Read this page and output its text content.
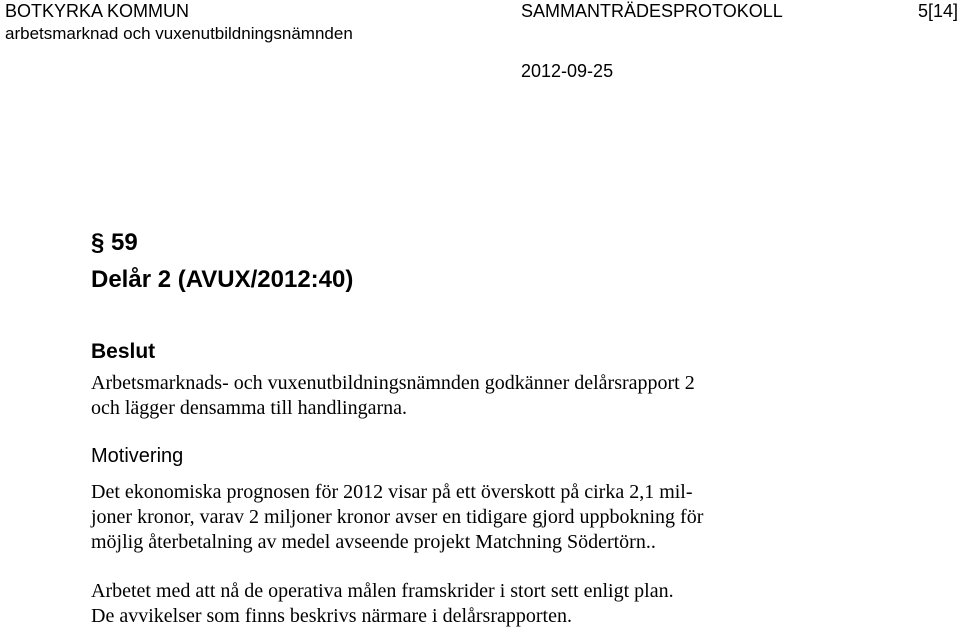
BOTKYRKA KOMMUN
arbetsmarknad och vuxenutbildningsnämnden
SAMMANTRÄDESPROTOKOLL	5[14]
2012-09-25
§ 59
Delår 2 (AVUX/2012:40)
Beslut
Arbetsmarknads- och vuxenutbildningsnämnden godkänner delårsrapport 2
och lägger densamma till handlingarna.
Motivering
Det ekonomiska prognosen för 2012 visar på ett överskott på cirka 2,1 mil-
joner kronor, varav 2 miljoner kronor avser en tidigare gjord uppbokning för
möjlig återbetalning av medel avseende projekt Matchning Södertörn..
Arbetet med att nå de operativa målen framskrider i stort sett enligt plan.
De avvikelser som finns beskrivs närmare i delårsrapporten.
